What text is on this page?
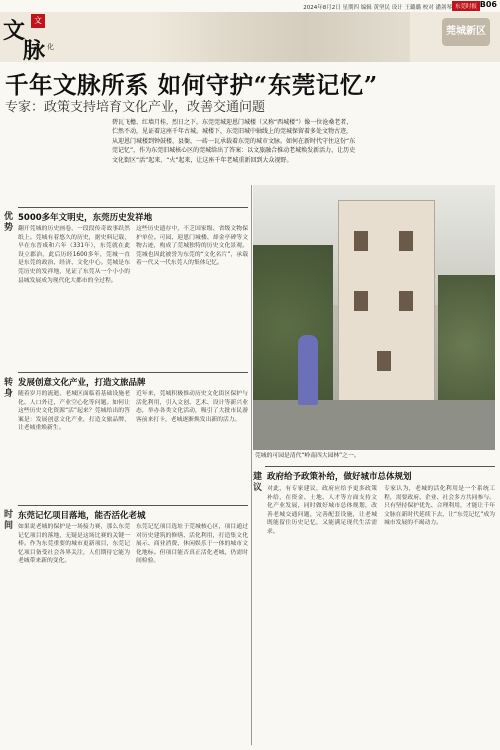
2024年8月2日 星期四 编辑 黄坚民 设计 王璐璐 校对 潘剑琴 东莞时报 B06
文	文
脉 化
莞城新区
千年文脉所系 如何守护“东莞记忆”
专家：政策支持培育文化产业，改善交通问题
碧瓦飞檐、红墙月桂、烈日之下，东莞莞城迎恩门城楼（又称“西城楼”）像一位沧桑老者，伫然不动，见证着这座千年古城。城楼下，东莞旧城中轴线上的莞城保留着多处文物古迹，从迎恩门城楼到钟鼓楼、县衙，一砖一瓦承载着东莞的城市文脉。如何在新时代守住这份“东莞记忆”，作为东莞旧城核心区的莞城给出了答案：以文旅融合推动老城焕发新活力，让历史文化街区“活”起来、“火”起来，让这座千年老城重新回到大众视野。
莞城的可园是清代“岭南四大园林”之一。
优势
5000多年文明史，东莞历史发祥地
翻开莞城的历史画卷，一段段传奇故事跃然纸上。莞城有着悠久的历史，据史料记载，早在东晋咸和六年（331年），东莞就在此设立郡治，此后历经1600多年，莞城一直是东莞的政治、经济、文化中心。莞城是东莞历史的发祥地，见证了东莞从一个小小的县城发展成为现代化大都市的全过程。
这些历史遗存中，不乏国家级、省级文物保护单位。可园、迎恩门城楼、却金亭碑等文物古迹，构成了莞城独特的历史文化景观。莞城也因此被誉为东莞的“文化名片”，承载着一代又一代东莞人的集体记忆。
转身
发展创意文化产业，打造文旅品牌
随着岁月的流逝，老城区面临着基础设施老化、人口外迁、产业空心化等问题。如何让这些历史文化资源“活”起来？莞城给出的答案是：发展创意文化产业，打造文旅品牌，让老城重焕新生。
近年来，莞城积极推动历史文化街区保护与活化利用，引入文创、艺术、设计等新兴业态，举办各类文化活动，吸引了大批市民游客前来打卡，老城逐渐焕发出新的活力。
时间
东莞记忆项目落地，能否活化老城
如果说老城的保护是一场接力赛，那么东莞记忆项目的落地，无疑是这场比赛的关键一棒。作为东莞重要的城市更新项目，东莞记忆项目备受社会各界关注，人们期待它能为老城带来新的变化。
东莞记忆项目选址于莞城核心区，项目通过对历史建筑的修缮、活化利用，打造集文化展示、商业消费、休闲娱乐于一体的城市文化地标。但项目能否真正活化老城，仍需时间检验。
建议
政府给予政策补给，做好城市总体规划
对此，有专家建议，政府应给予更多政策补给，在资金、土地、人才等方面支持文化产业发展，同时做好城市总体规划，改善老城交通问题，完善配套设施，让老城既能留住历史记忆，又能满足现代生活需求。
专家认为，老城的活化利用是一个系统工程，需要政府、企业、社会多方共同参与。只有坚持保护优先、合理利用，才能让千年文脉在新时代延续下去，让“东莞记忆”成为城市发展的不竭动力。
